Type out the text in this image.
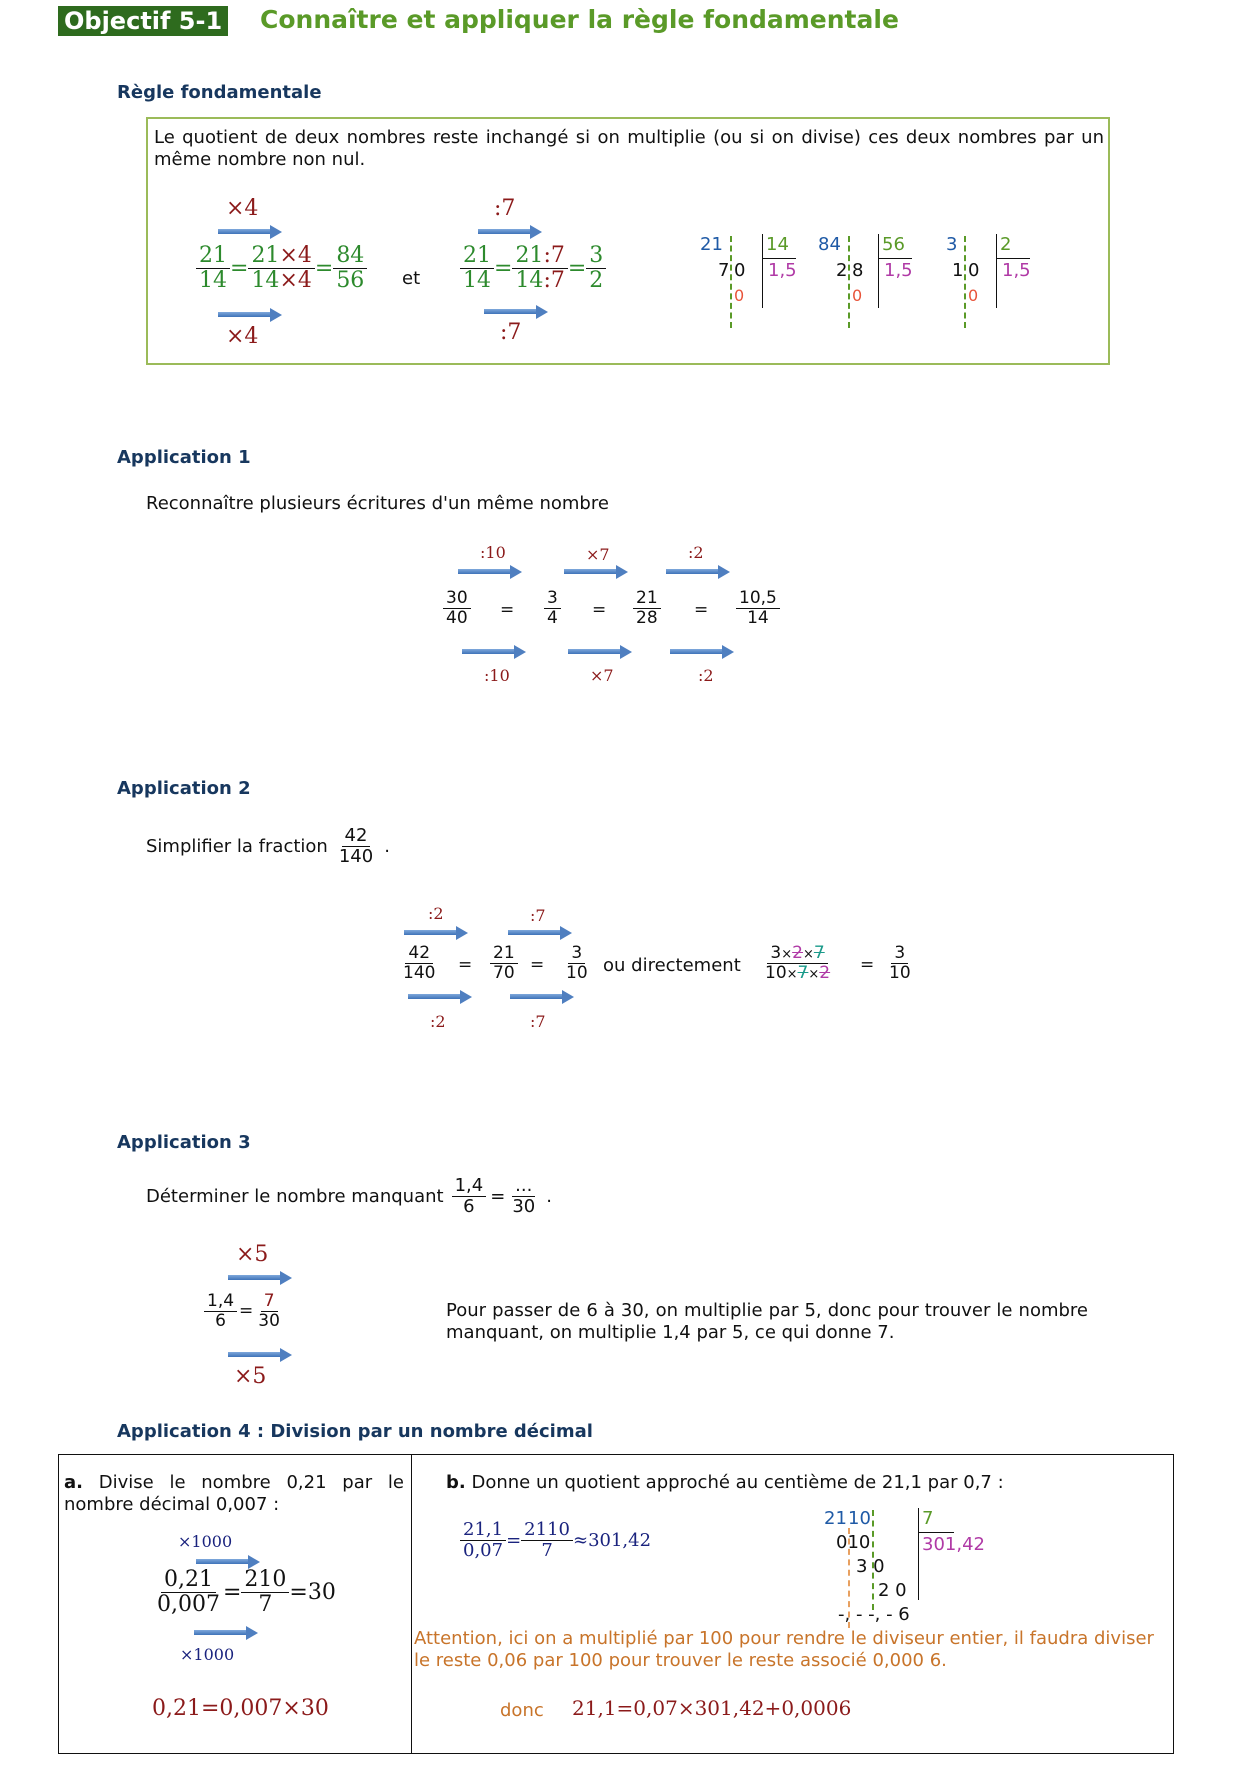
Objectif 5-1 Connaître et appliquer la règle fondamentale
Règle fondamentale
Le quotient de deux nombres reste inchangé si on multiplie (ou si on divise) ces deux nombres par un même nombre non nul.
×4
$\frac{21}{14} = \frac{21\times 4}{14\times 4} = \frac{84}{56}$
×4
et
:7
$\frac{21}{14} = \frac{21:7}{14:7} = \frac{3}{2}$
:7
21
7 0
0
14
1,5
84
2 8
0
56
1,5
3
1 0
0
2
1,5
Application 1
Reconnaître plusieurs écritures d'un même nombre
:10	×7	:2
$\frac{30}{40} = \frac{3}{4} = \frac{21}{28} = \frac{10,5}{14}$
:10	×7	:2
Application 2
Simplifier la fraction $\frac{42}{140}$ .
:2	:7
$\frac{42}{140} = \frac{21}{70} = \frac{3}{10}$ ou directement $\frac{3\times 2\times 7}{10\times 7\times 2} = \frac{3}{10}$
:2	:7
Application 3
Déterminer le nombre manquant $\frac{1,4}{6} = \frac{...}{30}$ .
×5
$\frac{1,4}{6} = \frac{7}{30}$
×5
Pour passer de 6 à 30, on multiplie par 5, donc pour trouver le nombre manquant, on multiplie 1,4 par 5, ce qui donne 7.
Application 4 : Division par un nombre décimal
a. Divise le nombre 0,21 par le nombre décimal 0,007 :
×1000
$\frac{0,21}{0,007} = \frac{210}{7} =30$
×1000
0,21=0,007×30
b. Donne un quotient approché au centième de 21,1 par 0,7 :
$\frac{21,1}{0,07} = \frac{2110}{7} \approx 301,42$
21 10
010
3 0
2 0
-, - -, - 6
7
301,42
Attention, ici on a multiplié par 100 pour rendre le diviseur entier, il faudra diviser le reste 0,06 par 100 pour trouver le reste associé 0,000 6.
donc 21,1=0,07×301,42+0,0006
